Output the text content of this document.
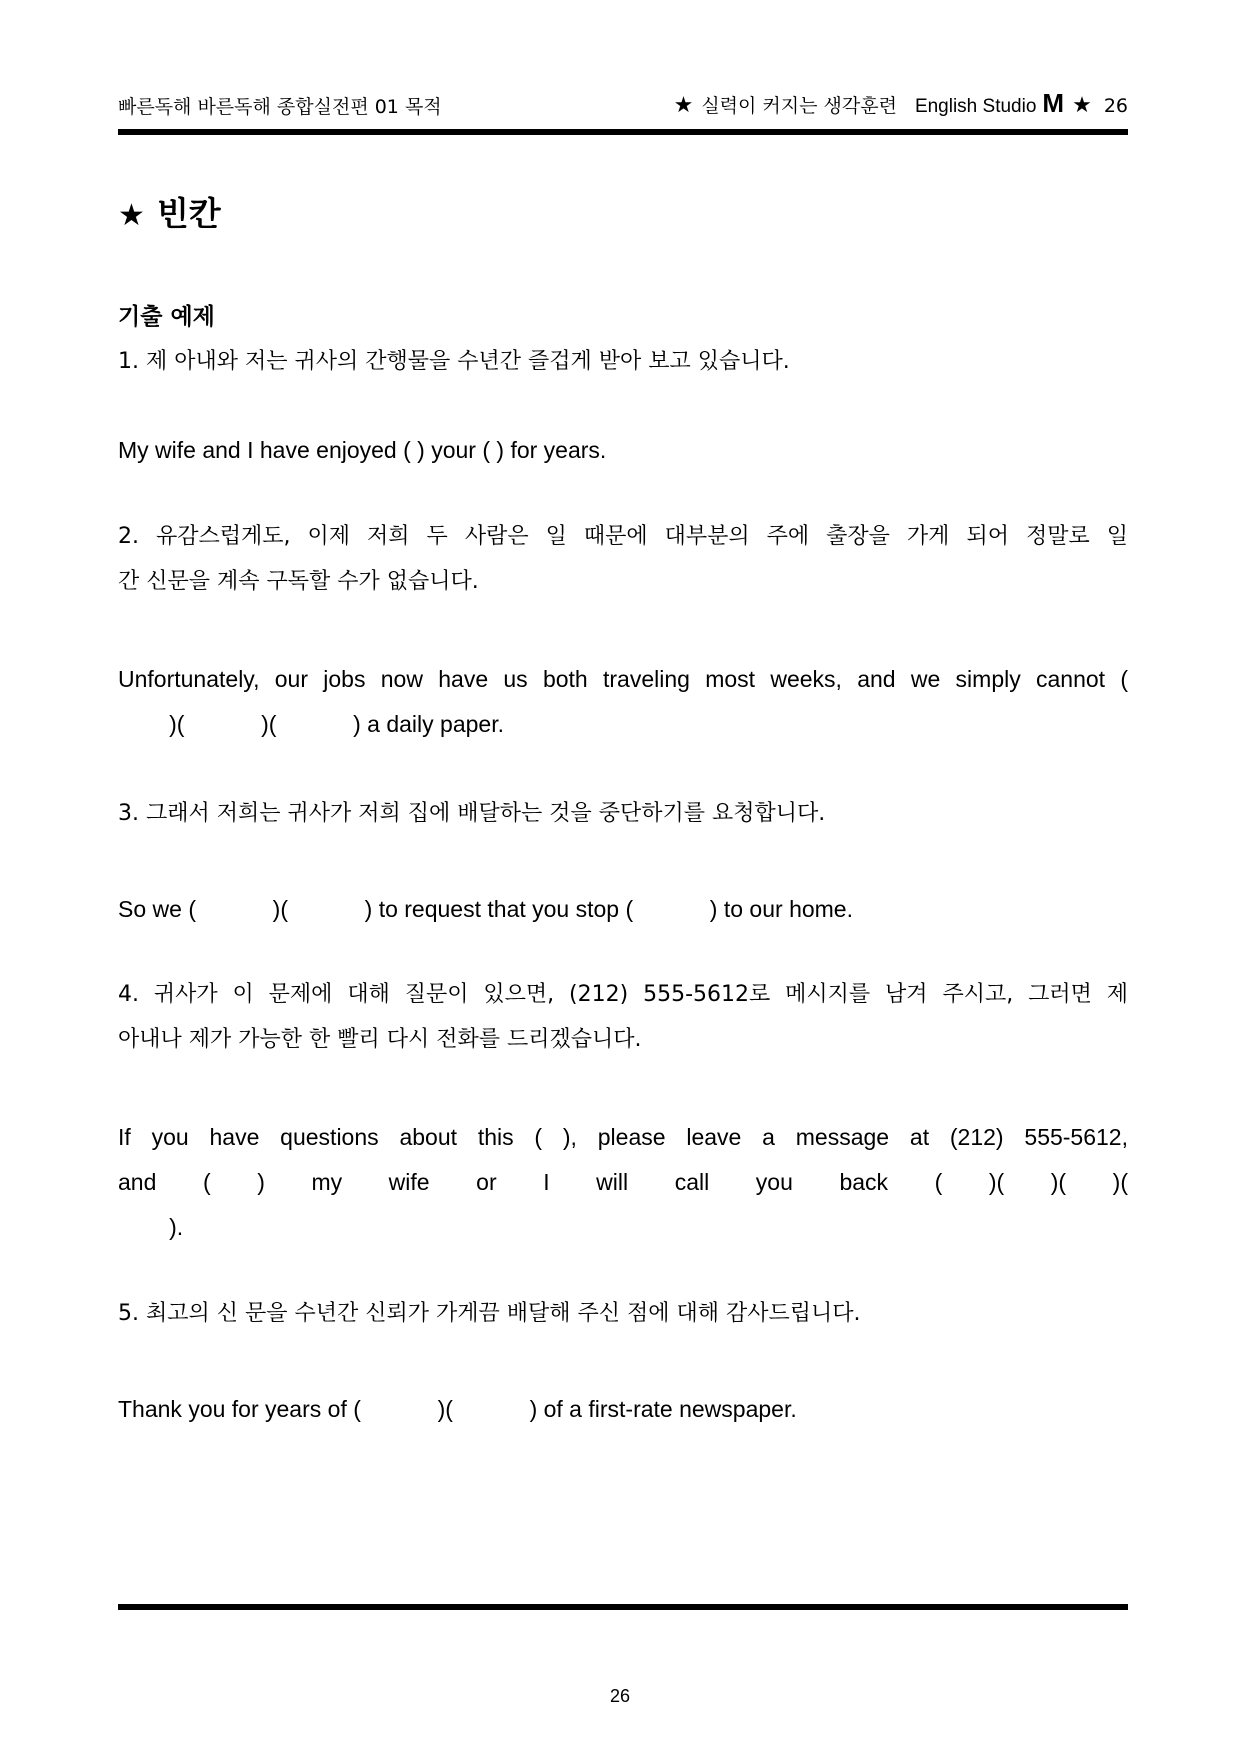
빠른독해 바른독해 종합실전편 01 목적	★ 실력이 커지는 생각훈련 English Studio M ★ 26
★ 빈칸
기출 예제
1. 제 아내와 저는 귀사의 간행물을 수년간 즐겁게 받아 보고 있습니다.
My wife and I have enjoyed ( ) your ( ) for years.
2. 유감스럽게도, 이제 저희 두 사람은 일 때문에 대부분의 주에 출장을 가게 되어 정말로 일
간 신문을 계속 구독할 수가 없습니다.
Unfortunately, our jobs now have us both traveling most weeks, and we simply cannot (
)(            )(            ) a daily paper.
3. 그래서 저희는 귀사가 저희 집에 배달하는 것을 중단하기를 요청합니다.
So we (            )(            ) to request that you stop (            ) to our home.
4. 귀사가 이 문제에 대해 질문이 있으면, (212) 555-5612로 메시지를 남겨 주시고, 그러면 제
아내나 제가 가능한 한 빨리 다시 전화를 드리겠습니다.
If you have questions about this ( ), please leave a message at (212) 555-5612,
and ( ) my wife or I will call you back ( )( )( )(
).
5. 최고의 신 문을 수년간 신뢰가 가게끔 배달해 주신 점에 대해 감사드립니다.
Thank you for years of (            )(            ) of a first-rate newspaper.
26
